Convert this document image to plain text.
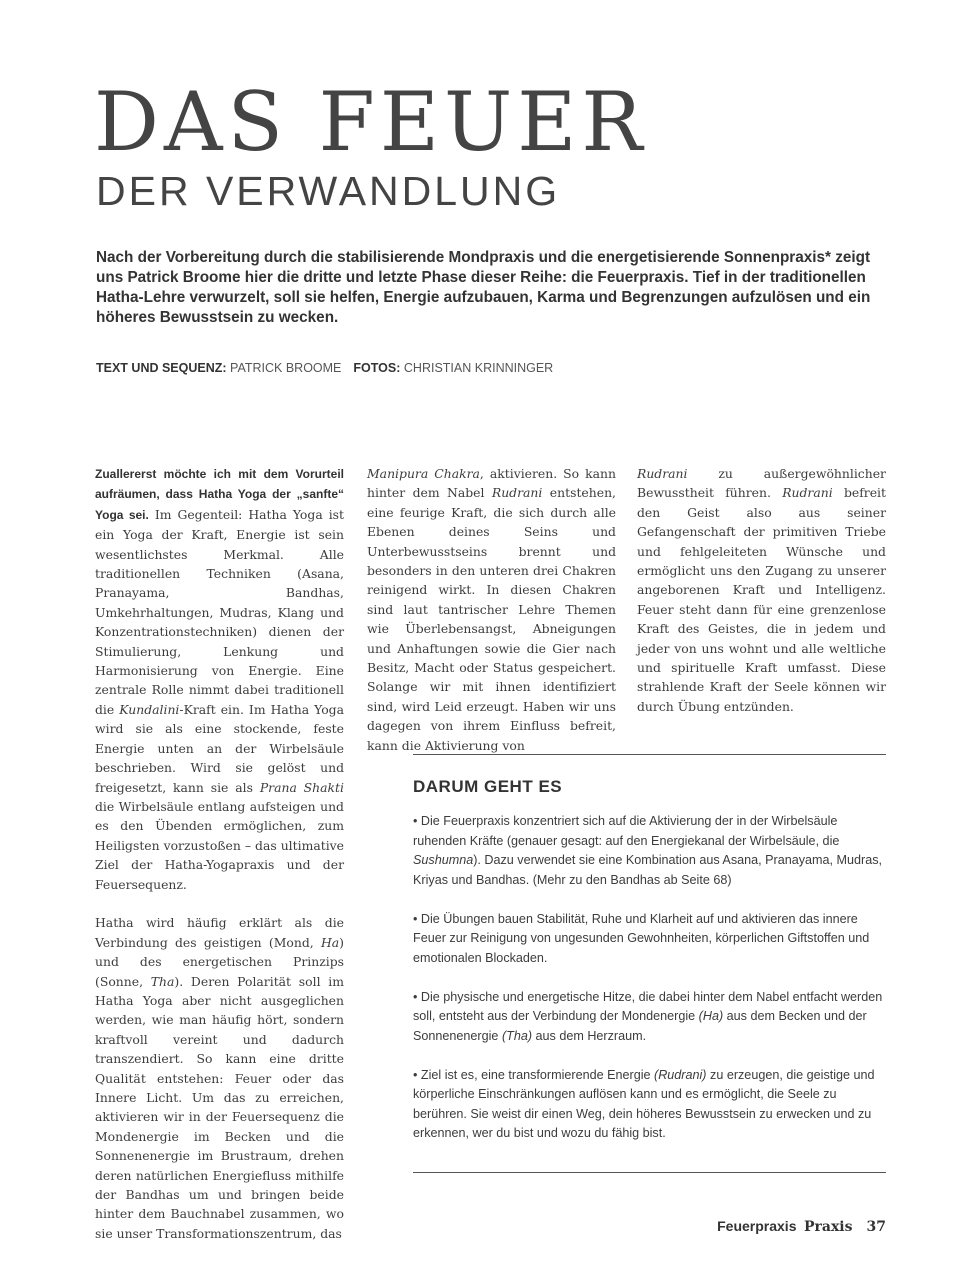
DAS FEUER
DER VERWANDLUNG

Nach der Vorbereitung durch die stabilisierende Mondpraxis und die energetisierende Sonnenpraxis* zeigt uns Patrick Broome hier die dritte und letzte Phase dieser Reihe: die Feuerpraxis. Tief in der traditionellen Hatha-Lehre verwurzelt, soll sie helfen, Energie aufzubauen, Karma und Begrenzungen aufzulösen und ein höheres Bewusstsein zu wecken.

TEXT UND SEQUENZ: PATRICK BROOME FOTOS: CHRISTIAN KRINNINGER

Zuallererst möchte ich mit dem Vorurteil aufräumen, dass Hatha Yoga der „sanfte“ Yoga sei. Im Gegenteil: Hatha Yoga ist ein Yoga der Kraft, Energie ist sein wesentlichstes Merkmal. Alle traditionellen Techniken (Asana, Pranayama, Bandhas, Umkehrhaltungen, Mudras, Klang und Konzentrationstechniken) dienen der Stimulierung, Lenkung und Harmonisierung von Energie. Eine zentrale Rolle nimmt dabei traditionell die Kundalini-Kraft ein. Im Hatha Yoga wird sie als eine stockende, feste Energie unten an der Wirbelsäule beschrieben. Wird sie gelöst und freigesetzt, kann sie als Prana Shakti die Wirbelsäule entlang aufsteigen und es den Übenden ermöglichen, zum Heiligsten vorzustoßen – das ultimative Ziel der Hatha-Yogapraxis und der Feuersequenz.

Hatha wird häufig erklärt als die Verbindung des geistigen (Mond, Ha) und des energetischen Prinzips (Sonne, Tha). Deren Polarität soll im Hatha Yoga aber nicht ausgeglichen werden, wie man häufig hört, sondern kraftvoll vereint und dadurch transzendiert. So kann eine dritte Qualität entstehen: Feuer oder das Innere Licht. Um das zu erreichen, aktivieren wir in der Feuersequenz die Mondenergie im Becken und die Sonnenenergie im Brustraum, drehen deren natürlichen Energiefluss mithilfe der Bandhas um und bringen beide hinter dem Bauchnabel zusammen, wo sie unser Transformationszentrum, das

Manipura Chakra, aktivieren. So kann hinter dem Nabel Rudrani entstehen, eine feurige Kraft, die sich durch alle Ebenen deines Seins und Unterbewusstseins brennt und besonders in den unteren drei Chakren reinigend wirkt. In diesen Chakren sind laut tantrischer Lehre Themen wie Überlebensangst, Abneigungen und Anhaftungen sowie die Gier nach Besitz, Macht oder Status gespeichert. Solange wir mit ihnen identifiziert sind, wird Leid erzeugt. Haben wir uns dagegen von ihrem Einfluss befreit, kann die Aktivierung von

Rudrani zu außergewöhnlicher Bewusstheit führen. Rudrani befreit den Geist also aus seiner Gefangenschaft der primitiven Triebe und fehlgeleiteten Wünsche und ermöglicht uns den Zugang zu unserer angeborenen Kraft und Intelligenz. Feuer steht dann für eine grenzenlose Kraft des Geistes, die in jedem und jeder von uns wohnt und alle weltliche und spirituelle Kraft umfasst. Diese strahlende Kraft der Seele können wir durch Übung entzünden.

DARUM GEHT ES

• Die Feuerpraxis konzentriert sich auf die Aktivierung der in der Wirbelsäule ruhenden Kräfte (genauer gesagt: auf den Energiekanal der Wirbelsäule, die Sushumna). Dazu verwendet sie eine Kombination aus Asana, Pranayama, Mudras, Kriyas und Bandhas. (Mehr zu den Bandhas ab Seite 68)

• Die Übungen bauen Stabilität, Ruhe und Klarheit auf und aktivieren das innere Feuer zur Reinigung von ungesunden Gewohnheiten, körperlichen Giftstoffen und emotionalen Blockaden.

• Die physische und energetische Hitze, die dabei hinter dem Nabel entfacht werden soll, entsteht aus der Verbindung der Mondenergie (Ha) aus dem Becken und der Sonnenenergie (Tha) aus dem Herzraum.

• Ziel ist es, eine transformierende Energie (Rudrani) zu erzeugen, die geistige und körperliche Einschränkungen auflösen kann und es ermöglicht, die Seele zu berühren. Sie weist dir einen Weg, dein höheres Bewusstsein zu erwecken und zu erkennen, wer du bist und wozu du fähig bist.

Feuerpraxis Praxis 37
